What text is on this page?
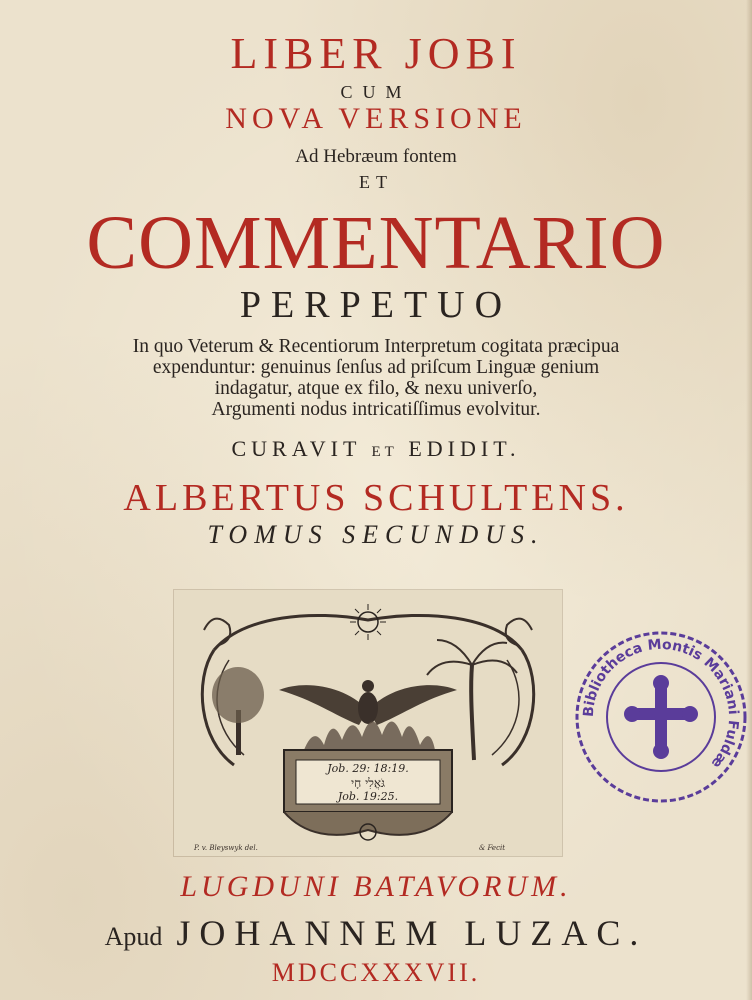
LIBER JOBI
CUM
NOVA VERSIONE
Ad Hebræum fontem
ET
COMMENTARIO
PERPETUO
In quo Veterum & Recentiorum Interpretum cogitata præcipua
expenduntur: genuinus ſenſus ad priſcum Linguæ genium
indagatur, atque ex filo, & nexu univerſo,
Argumenti nodus intricatiſſimus evolvitur.
CURAVIT ET EDIDIT.
ALBERTUS SCHULTENS.
TOMUS SECUNDUS.
Job. 29: 18:19.
גֹּאֲלִי חָי
Job. 19:25.
P. v. Bleyswyk del.	& Fecit
Bibliotheca Montis Mariani Fuldæ
LUGDUNI BATAVORUM.
Apud JOHANNEM LUZAC.
MDCCXXXVII.
